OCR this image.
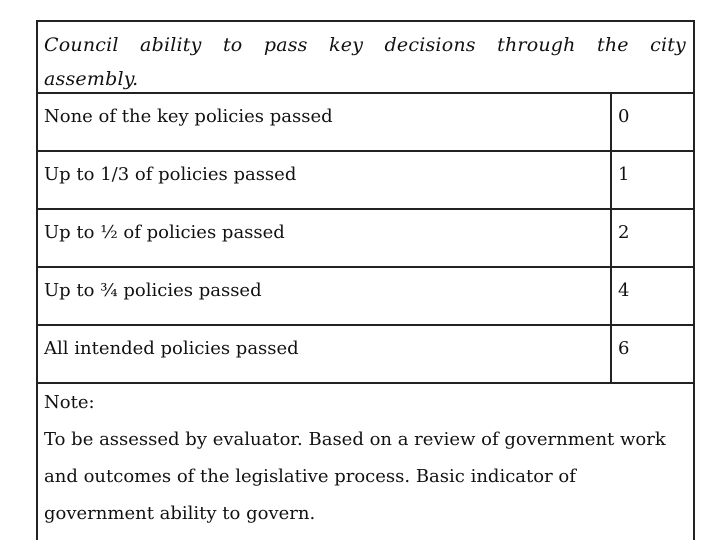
Council ability to pass key decisions through the city assembly.
None of the key policies passed	0
Up to 1/3 of policies passed	1
Up to ½ of policies passed	2
Up to ¾ policies passed	4
All intended policies passed	6
Note:
To be assessed by evaluator. Based on a review of government work and outcomes of the legislative process. Basic indicator of government ability to govern.
